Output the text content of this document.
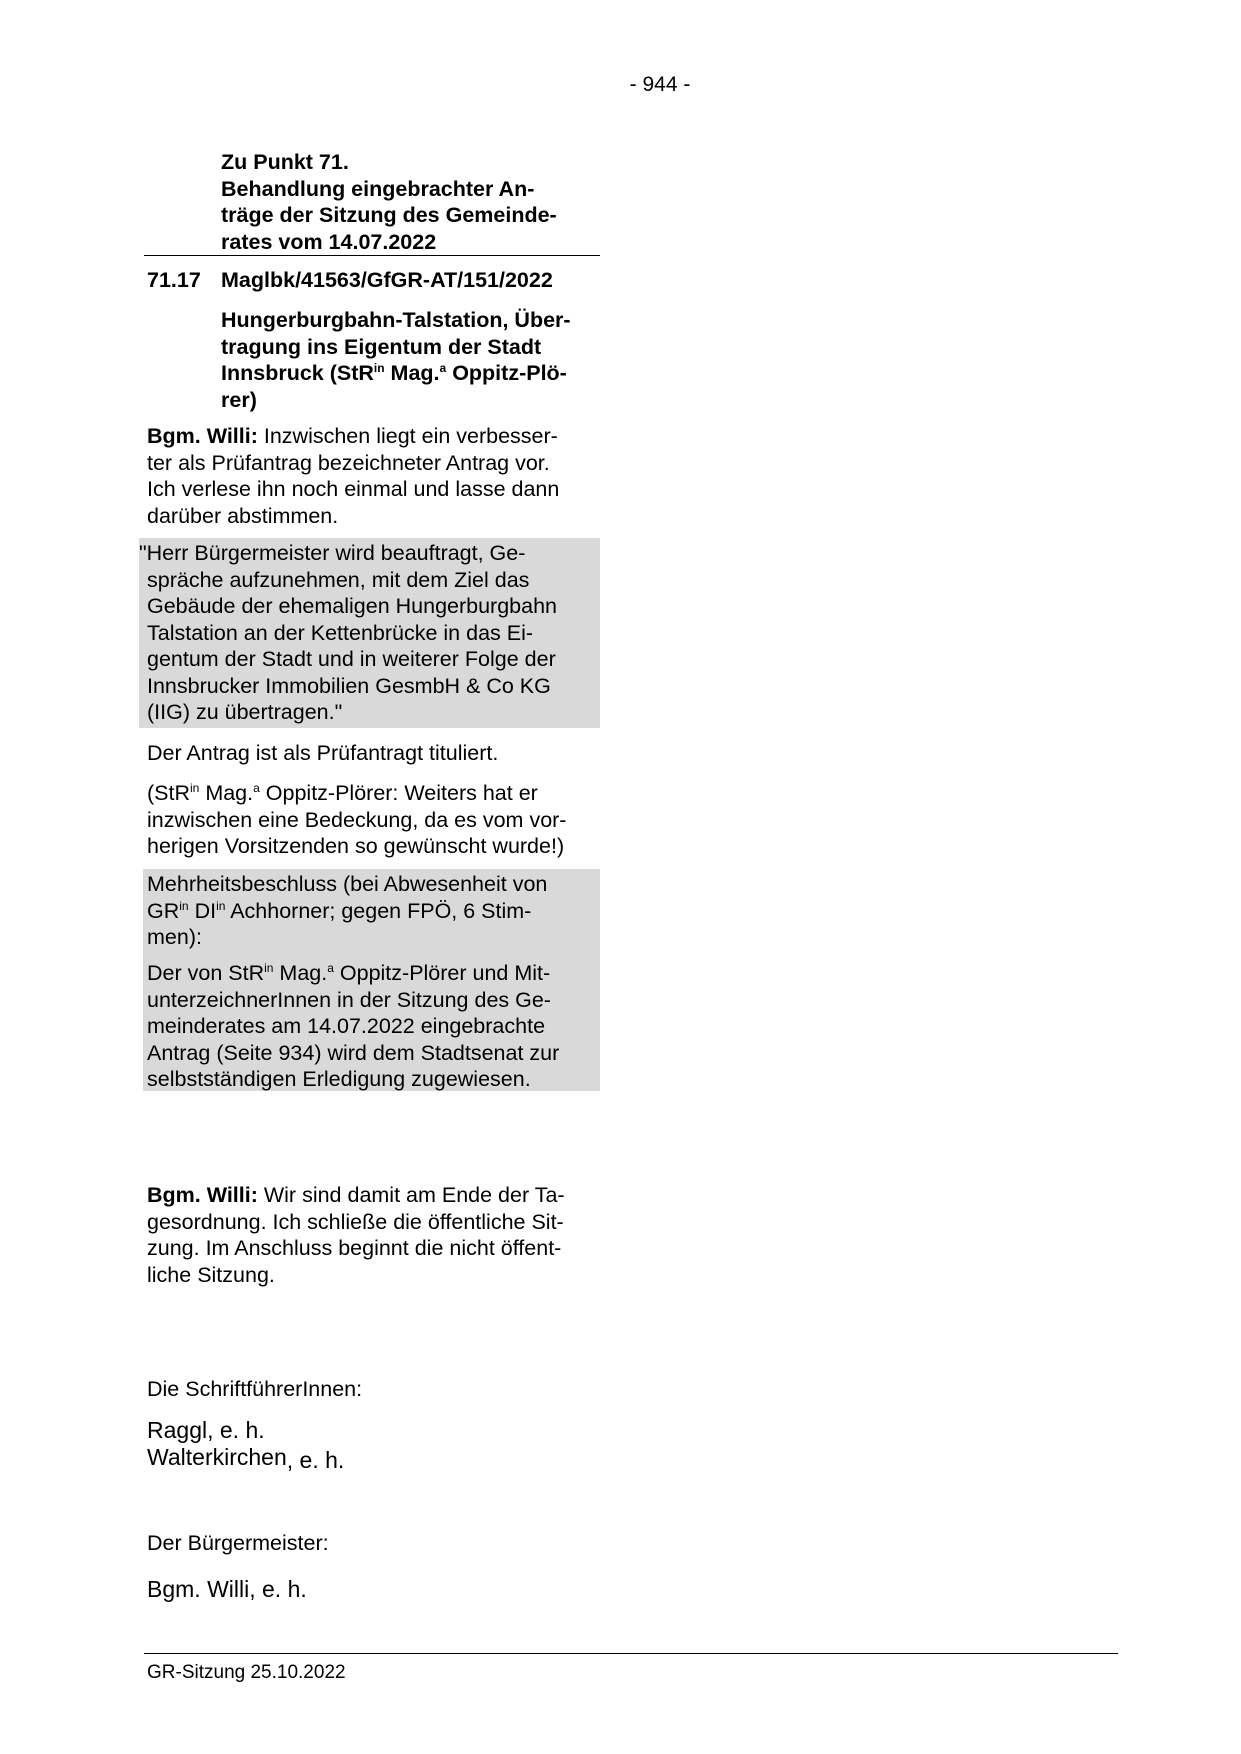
- 944 -
Zu Punkt 71.
Behandlung eingebrachter An-
träge der Sitzung des Gemeinde-
rates vom 14.07.2022
71.17 Maglbk/41563/GfGR-AT/151/2022
Hungerburgbahn-Talstation, Über-
tragung ins Eigentum der Stadt
Innsbruck (StR$^{in}$ Mag.$^a$ Oppitz-Plö-
rer)
Bgm. Willi: Inzwischen liegt ein verbesser-
ter als Prüfantrag bezeichneter Antrag vor.
Ich verlese ihn noch einmal und lasse dann
darüber abstimmen.
"Herr Bürgermeister wird beauftragt, Ge-
spräche aufzunehmen, mit dem Ziel das
Gebäude der ehemaligen Hungerburgbahn
Talstation an der Kettenbrücke in das Ei-
gentum der Stadt und in weiterer Folge der
Innsbrucker Immobilien GesmbH & Co KG
(IIG) zu übertragen."
Der Antrag ist als Prüfantragt tituliert.
(StR$^{in}$ Mag.$^a$ Oppitz-Plörer: Weiters hat er
inzwischen eine Bedeckung, da es vom vor-
herigen Vorsitzenden so gewünscht wurde!)
Mehrheitsbeschluss (bei Abwesenheit von
$GR^{in}$ $DI^{in}$ Achhorner; gegen FPÖ, 6 Stim-
men):
Der von StR$^{in}$ Mag.$^a$ Oppitz-Plörer und Mit-
unterzeichnerInnen in der Sitzung des Ge-
meinderates am 14.07.2022 eingebrachte
Antrag (Seite 934) wird dem Stadtsenat zur
selbstständigen Erledigung zugewiesen.
Bgm. Willi: Wir sind damit am Ende der Ta-
gesordnung. Ich schließe die öffentliche Sit-
zung. Im Anschluss beginnt die nicht öffent-
liche Sitzung.
Die SchriftführerInnen:
Raggl, e. h.
Walterkirchen, e. h.
Der Bürgermeister:
Bgm. Willi, e. h.
GR-Sitzung 25.10.2022
